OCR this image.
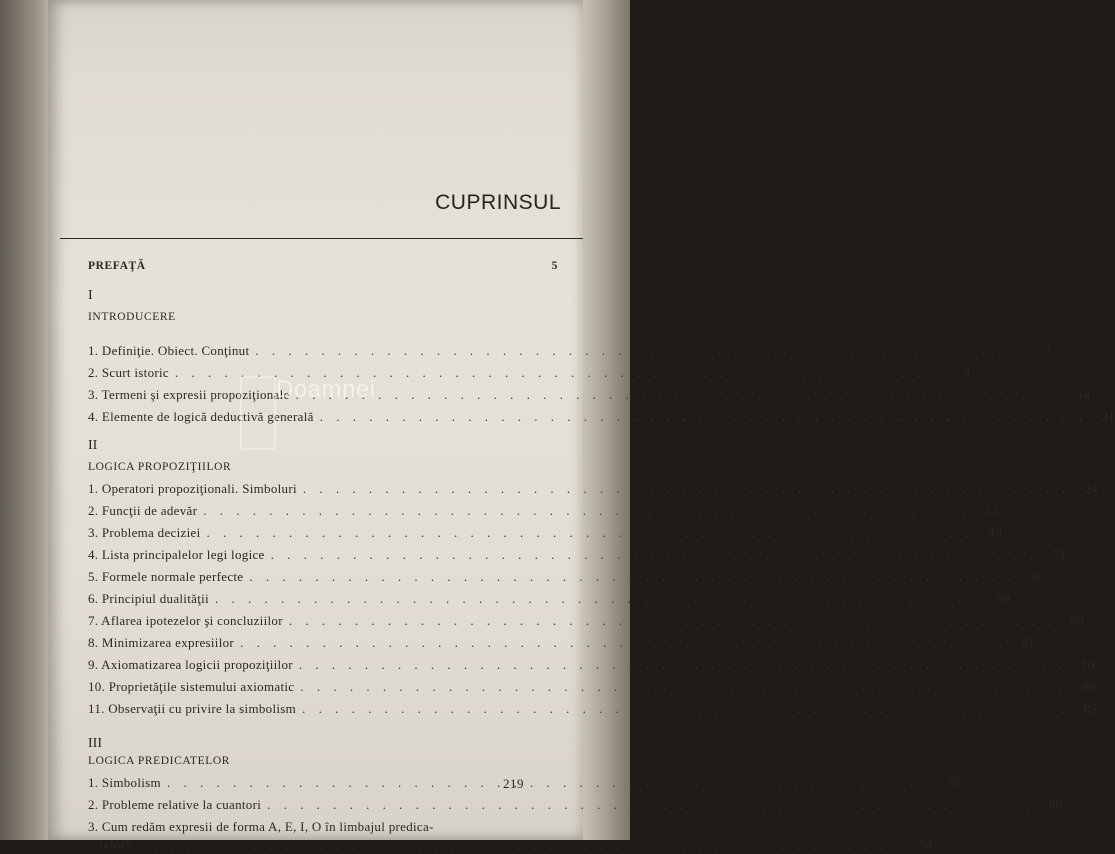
CUPRINSUL
PREFAŢĂ	5
I
INTRODUCERE
1. Definiţie. Obiect. Conţinut . . .	7
2. Scurt istoric . . .	9
3. Termeni şi expresii propoziţionale . . .	14
4. Elemente de logică deductivă generală . . .	21
II
LOGICA PROPOZIŢIILOR
1. Operatori propoziţionali. Simboluri . . .	24
2. Funcţii de adevăr . . .	33
3. Problema deciziei . . .	40
4. Lista principalelor legi logice . . .	51
5. Formele normale perfecte . . .	53
6. Principiul dualităţii . . .	59
7. Aflarea ipotezelor şi concluziilor . . .	60
8. Minimizarea expresiilor . . .	61
9. Axiomatizarea logicii propoziţiilor . . .	70
10. Proprietăţile sistemului axiomatic . . .	80
11. Observaţii cu privire la simbolism . . .	85
III
LOGICA PREDICATELOR
1. Simbolism . . .	87
2. Probleme relative la cuantori . . .	90
3. Cum redăm expresii de forma A, E, I, O în limbajul predica-
telor? . . .	94
Doamnei
219
